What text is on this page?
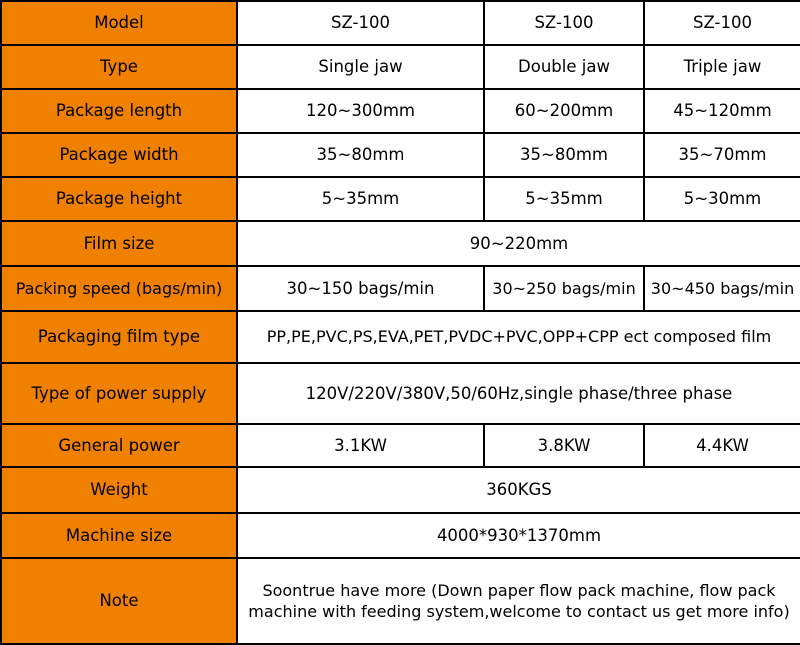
Model	SZ-100	SZ-100	SZ-100
Type	Single jaw	Double jaw	Triple jaw
Package length	120~300mm	60~200mm	45~120mm
Package width	35~80mm	35~80mm	35~70mm
Package height	5~35mm	5~35mm	5~30mm
Film size	90~220mm		
Packing speed (bags/min)	30~150 bags/min	30~250 bags/min	30~450 bags/min
Packaging film type	PP,PE,PVC,PS,EVA,PET,PVDC+PVC,OPP+CPP ect composed film		
Type of power supply	120V/220V/380V,50/60Hz,single phase/three phase		
General power	3.1KW	3.8KW	4.4KW
Weight	360KGS		
Machine size	4000*930*1370mm		
Note	Soontrue have more (Down paper flow pack machine, flow pack machine with feeding system,welcome to contact us get more info)		
